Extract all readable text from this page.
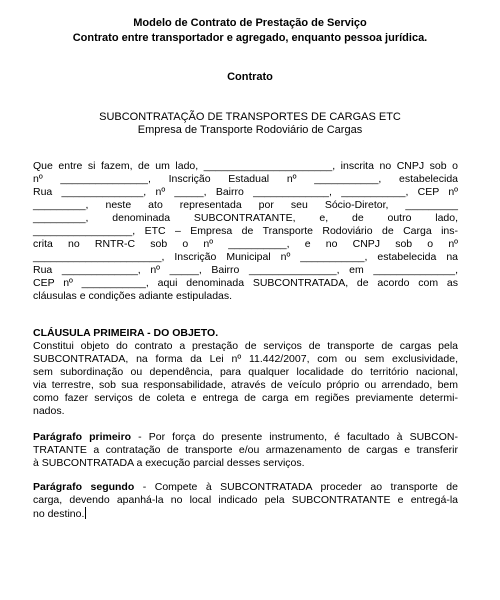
Modelo de Contrato de Prestação de Serviço
Contrato entre transportador e agregado, enquanto pessoa jurídica.
Contrato
SUBCONTRATAÇÃO DE TRANSPORTES DE CARGAS ETC
Empresa de Transporte Rodoviário de Cargas
Que entre si fazem, de um lado, ______________________, inscrita no CNPJ sob o
nº _______________, Inscrição Estadual nº ___________, estabelecida
Rua ______________, nº _____, Bairro _____________, ___________, CEP nº
_________, neste ato representada por seu Sócio-Diretor, _________
_________, denominada SUBCONTRATANTE, e, de outro lado,
_________________, ETC – Empresa de Transporte Rodoviário de Carga ins-
crita no RNTR-C sob o nº __________, e no CNPJ sob o nº
______________________, Inscrição Municipal nº ___________, estabelecida na
Rua _____________, nº _____, Bairro _______________, em ______________,
CEP nº ___________, aqui denominada SUBCONTRATADA, de acordo com as
cláusulas e condições adiante estipuladas.
CLÁUSULA PRIMEIRA - DO OBJETO.
Constitui objeto do contrato a prestação de serviços de transporte de cargas pela
SUBCONTRATADA, na forma da Lei nº 11.442/2007, com ou sem exclusividade,
sem subordinação ou dependência, para qualquer localidade do território nacional,
via terrestre, sob sua responsabilidade, através de veículo próprio ou arrendado, bem
como fazer serviços de coleta e entrega de carga em regiões previamente determi-
nados.
Parágrafo primeiro - Por força do presente instrumento, é facultado à SUBCON-
TRATANTE a contratação de transporte e/ou armazenamento de cargas e transferir
à SUBCONTRATADA a execução parcial desses serviços.
Parágrafo segundo - Compete à SUBCONTRATADA proceder ao transporte de
carga, devendo apanhá-la no local indicado pela SUBCONTRATANTE e entregá-la
no destino.
